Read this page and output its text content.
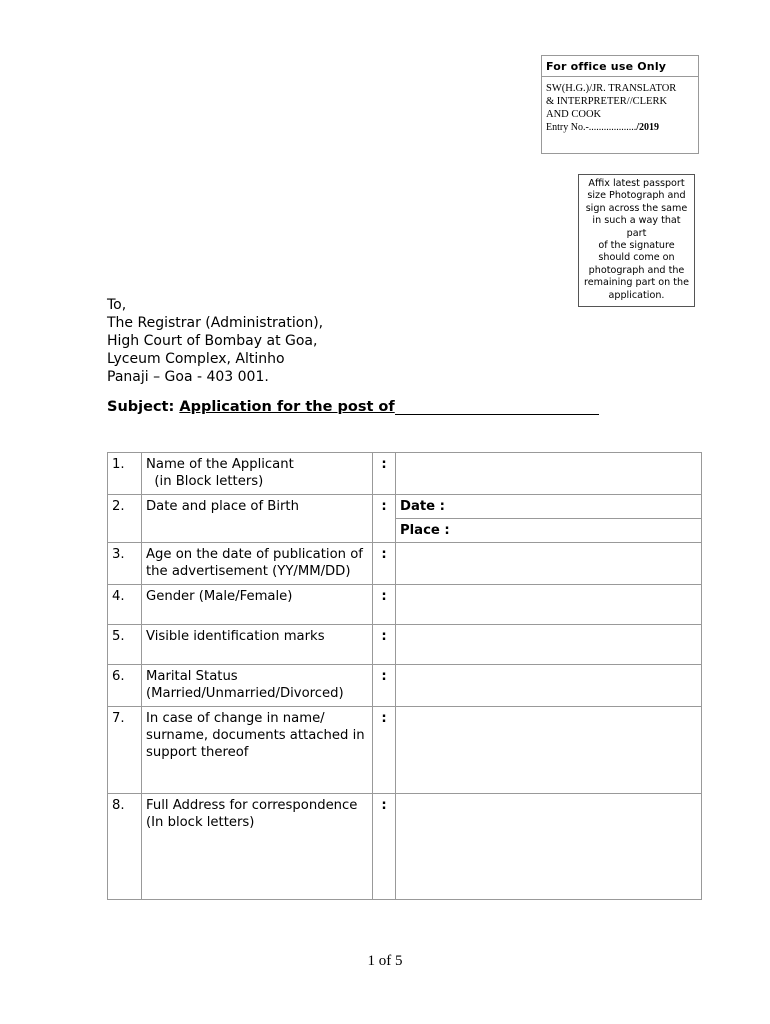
For office use Only
SW(H.G.)/JR. TRANSLATOR
& INTERPRETER//CLERK
AND COOK
Entry No.-.................../2019
Affix latest passport
size Photograph and
sign across the same
in such a way that
part
of the signature
should come on
photograph and the
remaining part on the
application.
To,
The Registrar (Administration),
High Court of Bombay at Goa,
Lyceum Complex, Altinho
Panaji – Goa - 403 001.
Subject: Application for the post of
1.	Name of the Applicant
(in Block letters)	:	
2.	Date and place of Birth	:	Date :
			Place :
3.	Age on the date of publication of
the advertisement (YY/MM/DD)	:	
4.	Gender (Male/Female)	:	
5.	Visible identification marks	:	
6.	Marital Status
(Married/Unmarried/Divorced)	:	
7.	In case of change in name/
surname, documents attached in
support thereof	:	
8.	Full Address for correspondence
(In block letters)	:	
1 of 5
